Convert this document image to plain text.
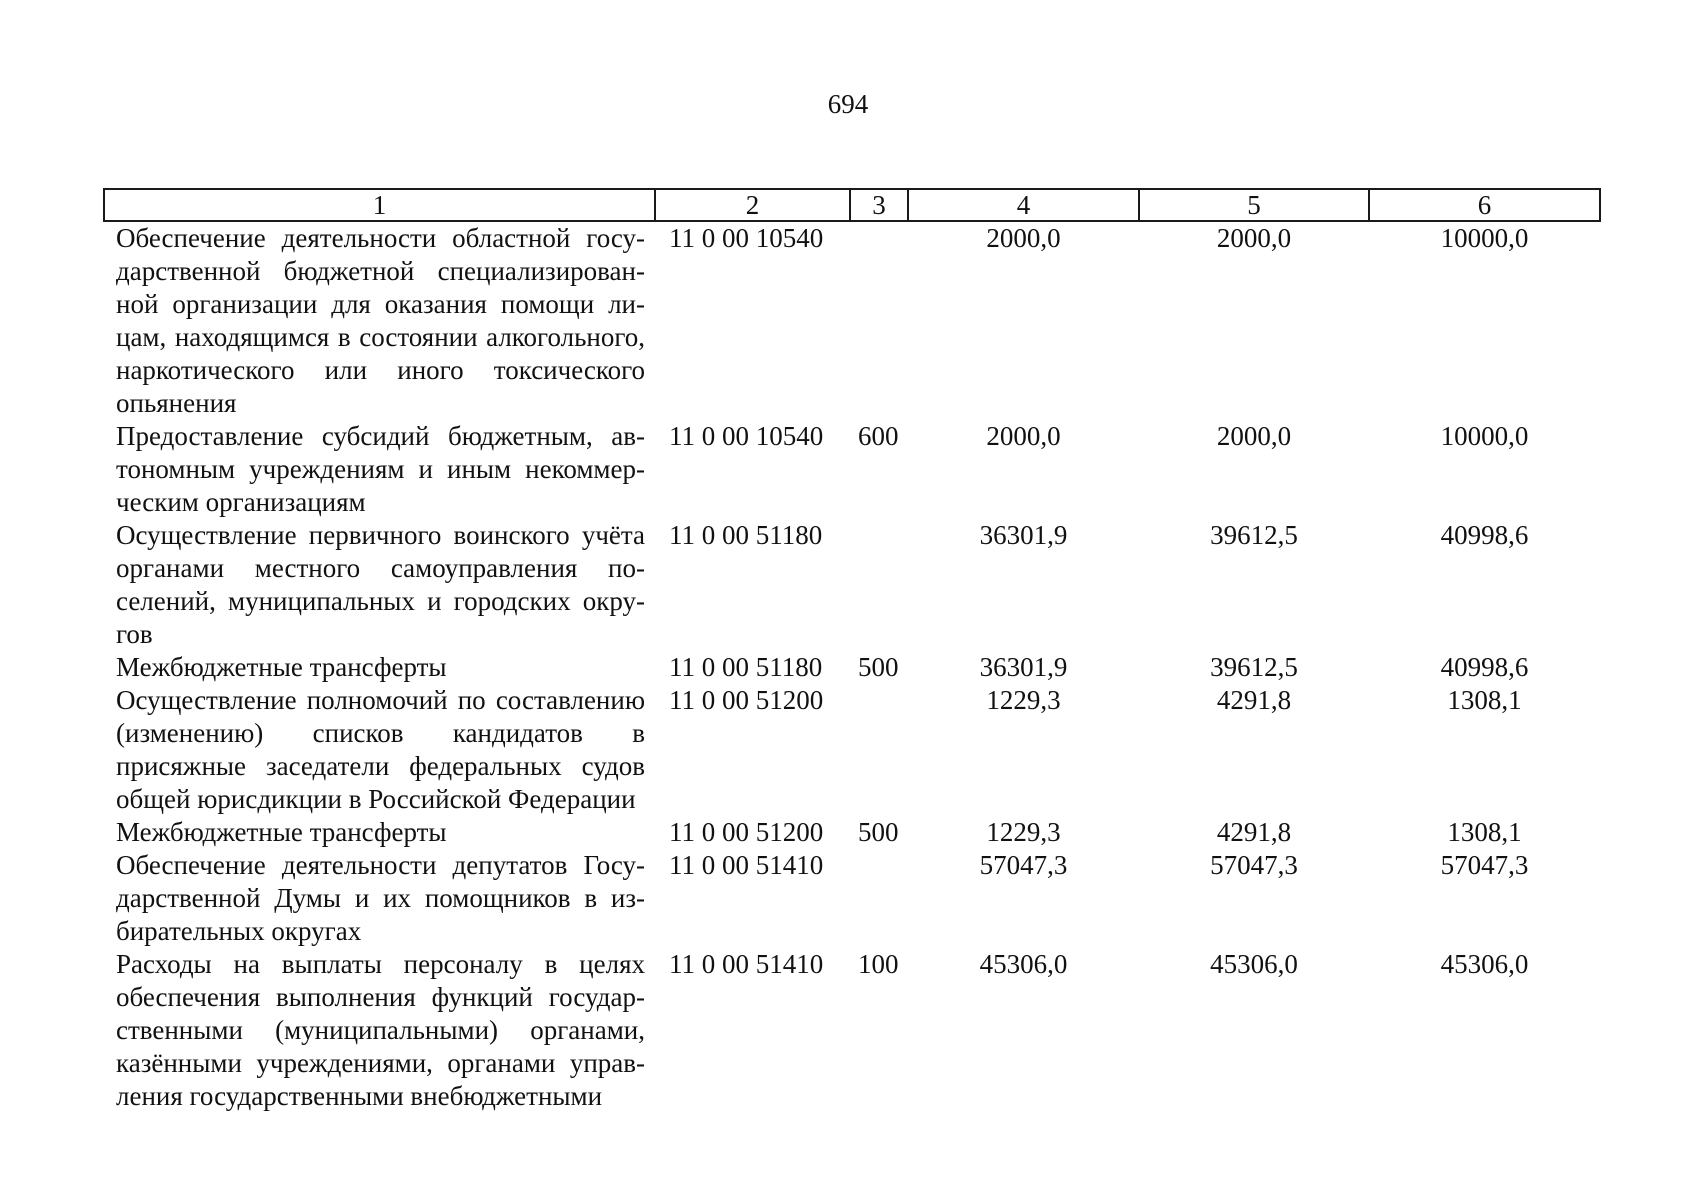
694
1	2	3	4	5	6
Обеспечение деятельности областной государственной бюджетной специализированной организации для оказания помощи лицам, находящимся в состоянии алкогольного, наркотического или иного токсического опьянения	11 0 00 10540		2000,0	2000,0	10000,0
Предоставление субсидий бюджетным, автономным учреждениям и иным некоммерческим организациям	11 0 00 10540	600	2000,0	2000,0	10000,0
Осуществление первичного воинского учёта органами местного самоуправления поселений, муниципальных и городских округов	11 0 00 51180		36301,9	39612,5	40998,6
Межбюджетные трансферты	11 0 00 51180	500	36301,9	39612,5	40998,6
Осуществление полномочий по составлению (изменению) списков кандидатов в присяжные заседатели федеральных судов общей юрисдикции в Российской Федерации	11 0 00 51200		1229,3	4291,8	1308,1
Межбюджетные трансферты	11 0 00 51200	500	1229,3	4291,8	1308,1
Обеспечение деятельности депутатов Государственной Думы и их помощников в избирательных округах	11 0 00 51410		57047,3	57047,3	57047,3
Расходы на выплаты персоналу в целях обеспечения выполнения функций государственными (муниципальными) органами, казёнными учреждениями, органами управления государственными внебюджетными	11 0 00 51410	100	45306,0	45306,0	45306,0
